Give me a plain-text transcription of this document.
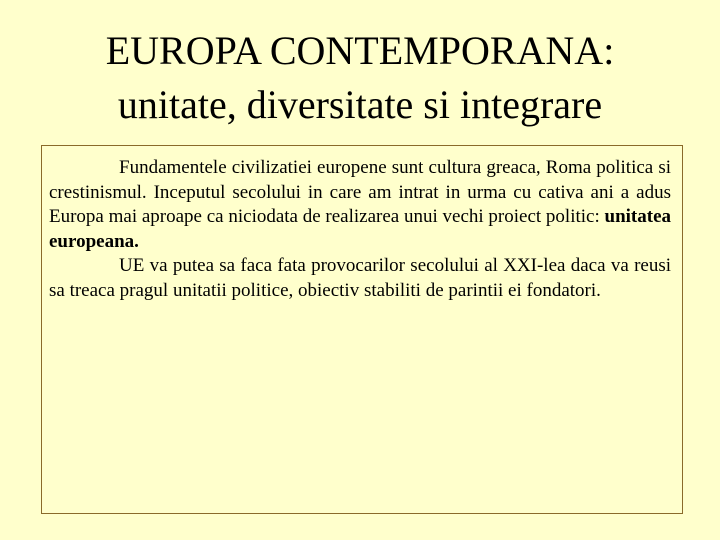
EUROPA CONTEMPORANA:
unitate, diversitate si integrare

Fundamentele civilizatiei europene sunt cultura greaca, Roma politica si crestinismul. Inceputul secolului in care am intrat in urma cu cativa ani a adus Europa mai aproape ca niciodata de realizarea unui vechi proiect politic: unitatea europeana.

UE va putea sa faca fata provocarilor secolului al XXI-lea daca va reusi sa treaca pragul unitatii politice, obiectiv stabiliti de parintii ei fondatori.
